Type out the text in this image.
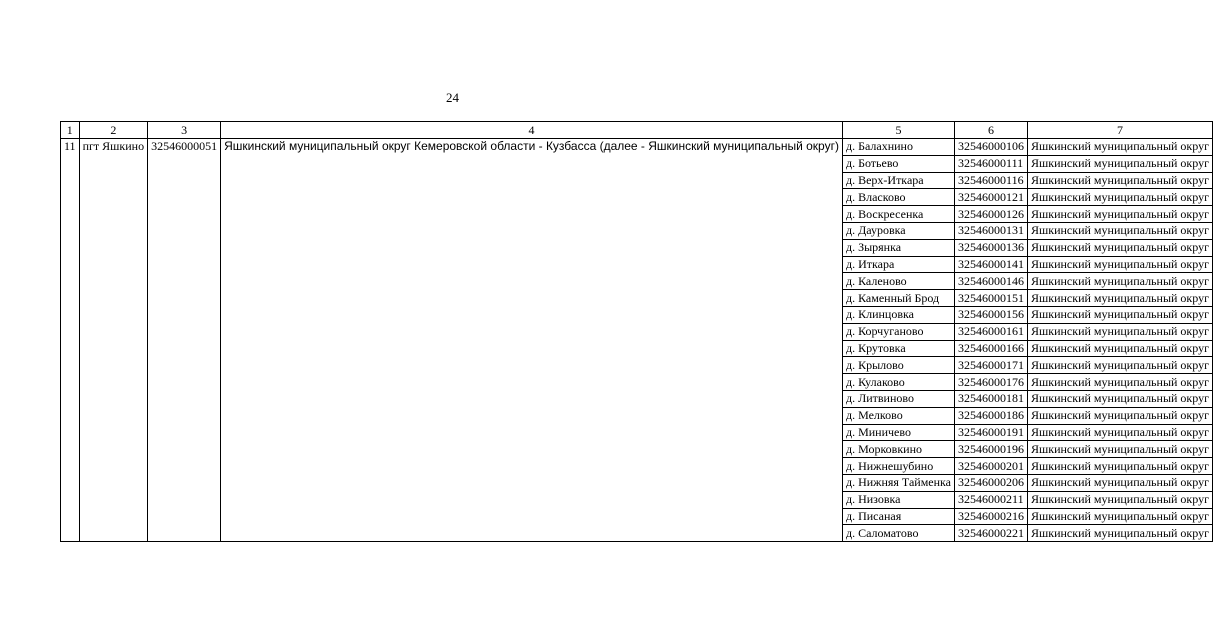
24
1	2	3	4	5	6	7
11	пгт Яшкино	32546000051	Яшкинский муниципальный округ Кемеровской области - Кузбасса (далее - Яшкинский муниципальный округ)	д. Балахнино	32546000106	Яшкинский муниципальный округ
				д. Ботьево	32546000111	Яшкинский муниципальный округ
				д. Верх-Иткара	32546000116	Яшкинский муниципальный округ
				д. Власково	32546000121	Яшкинский муниципальный округ
				д. Воскресенка	32546000126	Яшкинский муниципальный округ
				д. Дауровка	32546000131	Яшкинский муниципальный округ
				д. Зырянка	32546000136	Яшкинский муниципальный округ
				д. Иткара	32546000141	Яшкинский муниципальный округ
				д. Каленово	32546000146	Яшкинский муниципальный округ
				д. Каменный Брод	32546000151	Яшкинский муниципальный округ
				д. Клинцовка	32546000156	Яшкинский муниципальный округ
				д. Корчуганово	32546000161	Яшкинский муниципальный округ
				д. Крутовка	32546000166	Яшкинский муниципальный округ
				д. Крылово	32546000171	Яшкинский муниципальный округ
				д. Кулаково	32546000176	Яшкинский муниципальный округ
				д. Литвиново	32546000181	Яшкинский муниципальный округ
				д. Мелково	32546000186	Яшкинский муниципальный округ
				д. Миничево	32546000191	Яшкинский муниципальный округ
				д. Морковкино	32546000196	Яшкинский муниципальный округ
				д. Нижнешубино	32546000201	Яшкинский муниципальный округ
				д. Нижняя Тайменка	32546000206	Яшкинский муниципальный округ
				д. Низовка	32546000211	Яшкинский муниципальный округ
				д. Писаная	32546000216	Яшкинский муниципальный округ
				д. Саломатово	32546000221	Яшкинский муниципальный округ
